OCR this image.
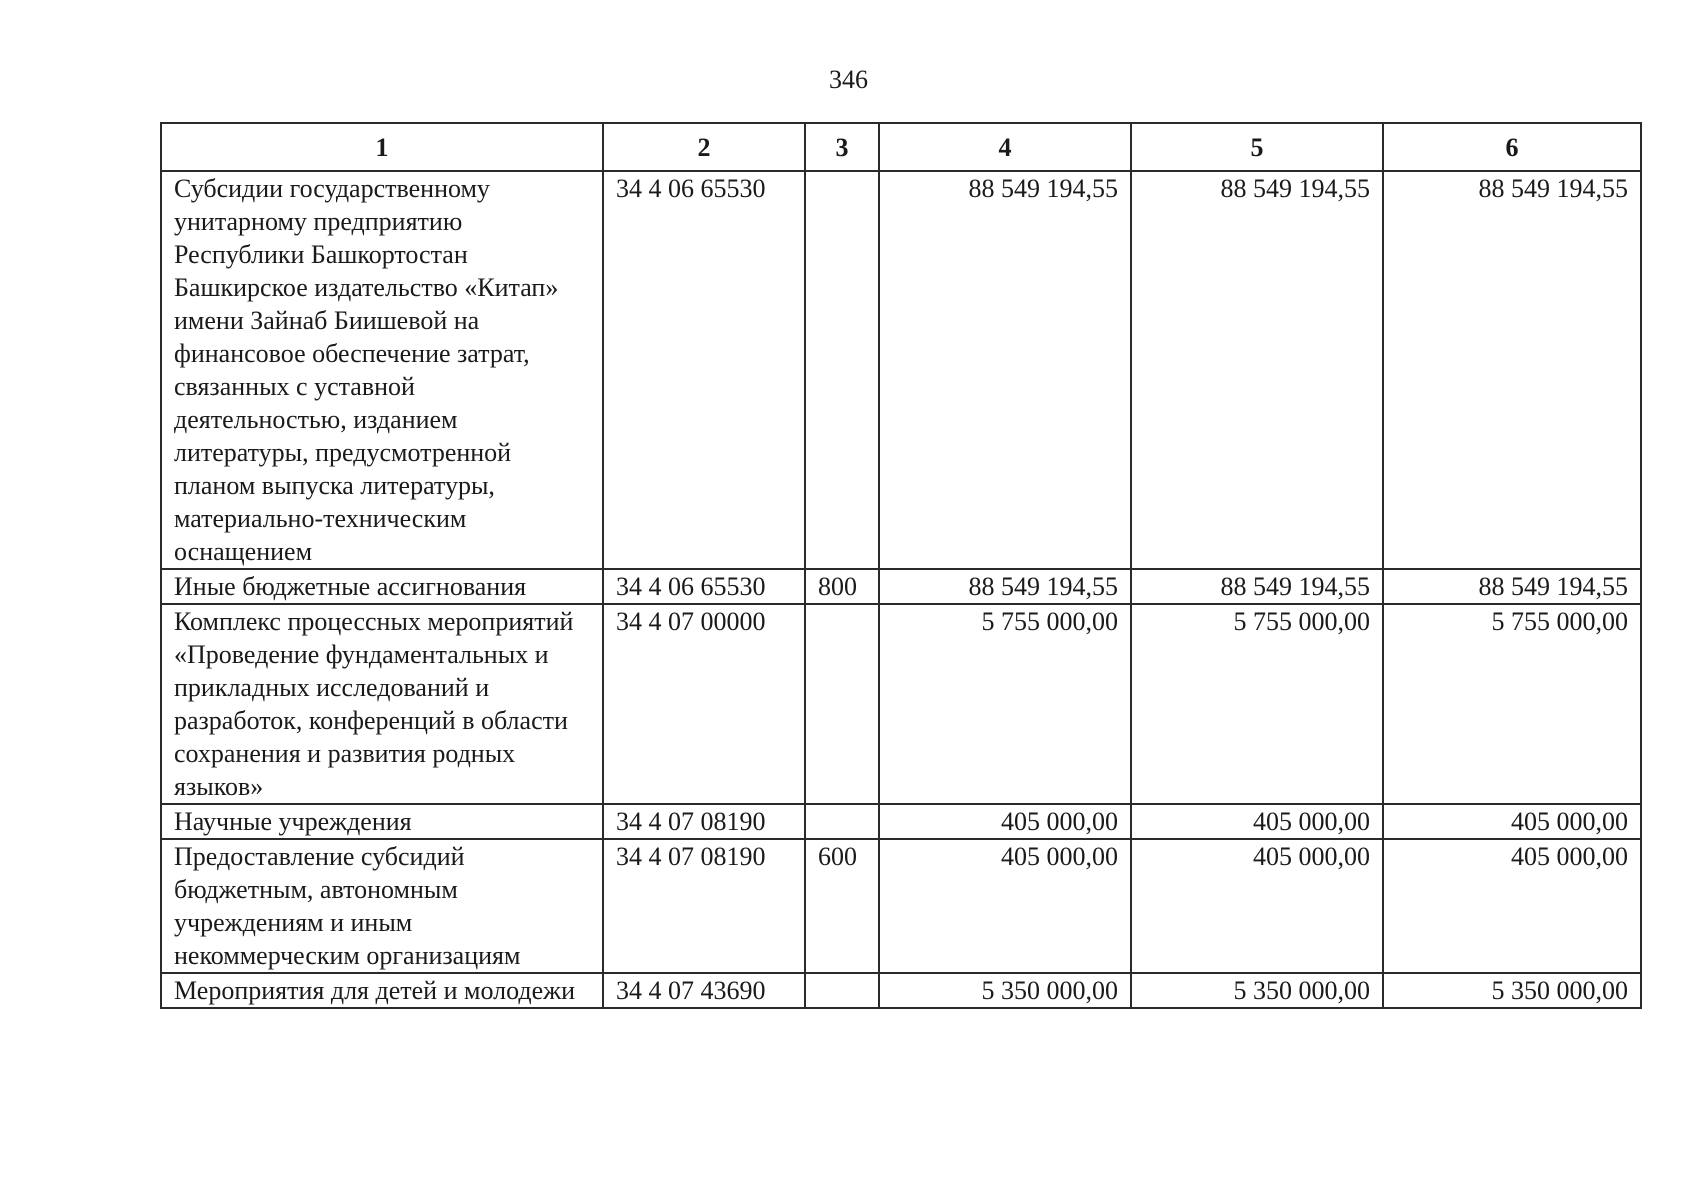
346
1	2	3	4	5	6
Субсидии государственному унитарному предприятию Республики Башкортостан Башкирское издательство «Китап» имени Зайнаб Биишевой на финансовое обеспечение затрат, связанных с уставной деятельностью, изданием литературы, предусмотренной планом выпуска литературы, материально-техническим оснащением	34 4 06 65530		88 549 194,55	88 549 194,55	88 549 194,55
Иные бюджетные ассигнования	34 4 06 65530	800	88 549 194,55	88 549 194,55	88 549 194,55
Комплекс процессных мероприятий «Проведение фундаментальных и прикладных исследований и разработок, конференций в области сохранения и развития родных языков»	34 4 07 00000		5 755 000,00	5 755 000,00	5 755 000,00
Научные учреждения	34 4 07 08190		405 000,00	405 000,00	405 000,00
Предоставление субсидий бюджетным, автономным учреждениям и иным некоммерческим организациям	34 4 07 08190	600	405 000,00	405 000,00	405 000,00
Мероприятия для детей и молодежи	34 4 07 43690		5 350 000,00	5 350 000,00	5 350 000,00
